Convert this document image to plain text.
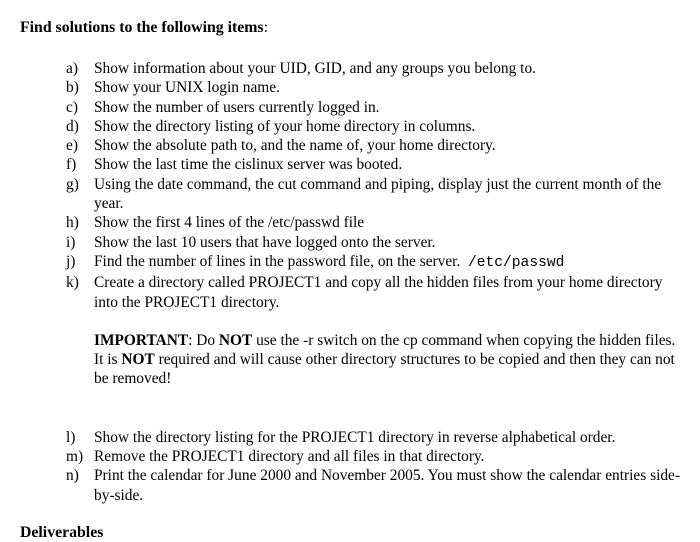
Find solutions to the following items:
a)	Show information about your UID, GID, and any groups you belong to.
b) Show your UNIX login name.
c)	Show the number of users currently logged in.
d) Show the directory listing of your home directory in columns.
e)	Show the absolute path to, and the name of, your home directory.
f)	Show the last time the cislinux server was booted.
g) Using the date command, the cut command and piping, display just the current month of the year.
h) Show the first 4 lines of the /etc/passwd file
i)	Show the last 10 users that have logged onto the server.
j)	Find the number of lines in the password file, on the server. /etc/passwd
k) Create a directory called PROJECT1 and copy all the hidden files from your home directory into the PROJECT1 directory.
IMPORTANT: Do NOT use the -r switch on the cp command when copying the hidden files. It is NOT required and will cause other directory structures to be copied and then they can not be removed!
l)	Show the directory listing for the PROJECT1 directory in reverse alphabetical order.
m) Remove the PROJECT1 directory and all files in that directory.
n) Print the calendar for June 2000 and November 2005. You must show the calendar entries side-by-side.
Deliverables
